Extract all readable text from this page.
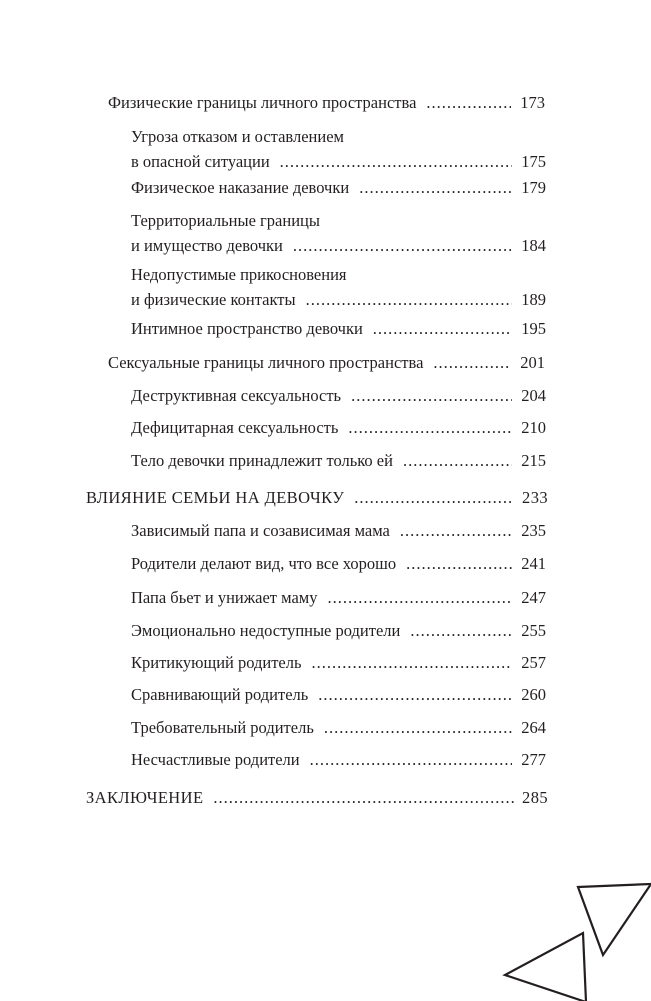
Физические границы личного пространства .....	173
Угроза отказом и оставлением
в опасной ситуации .....	175
Физическое наказание девочки .....	179
Территориальные границы
и имущество девочки .....	184
Недопустимые прикосновения
и физические контакты .....	189
Интимное пространство девочки .....	195
Сексуальные границы личного пространства .....	201
Деструктивная сексуальность .....	204
Дефицитарная сексуальность .....	210
Тело девочки принадлежит только ей .....	215
ВЛИЯНИЕ СЕМЬИ НА ДЕВОЧКУ .....	233
Зависимый папа и созависимая мама .....	235
Родители делают вид, что все хорошо .....	241
Папа бьет и унижает маму .....	247
Эмоционально недоступные родители .....	255
Критикующий родитель .....	257
Сравнивающий родитель .....	260
Требовательный родитель .....	264
Несчастливые родители .....	277
ЗАКЛЮЧЕНИЕ .....	285
